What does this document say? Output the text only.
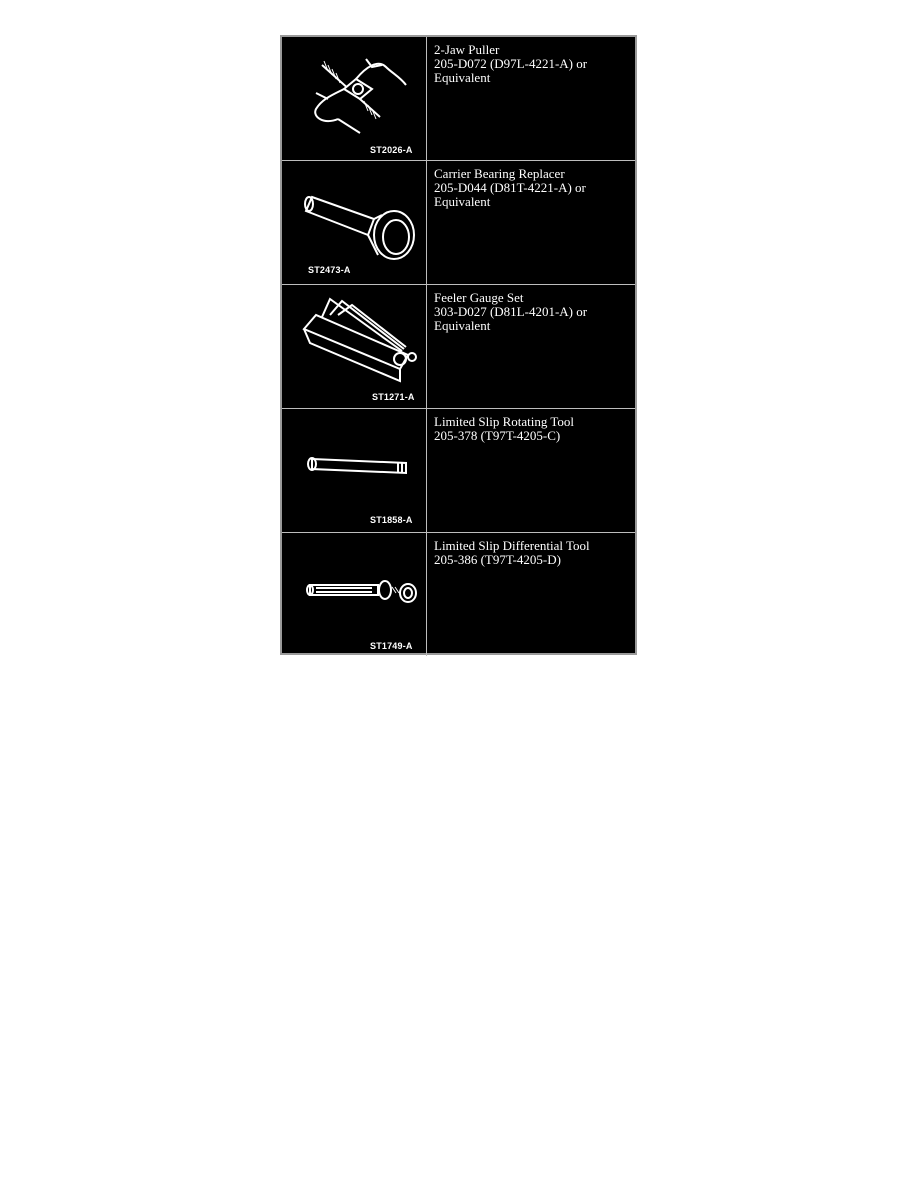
ST2026-A
2-Jaw Puller
205-D072 (D97L-4221-A) or
Equivalent
ST2473-A
Carrier Bearing Replacer
205-D044 (D81T-4221-A) or
Equivalent
ST1271-A
Feeler Gauge Set
303-D027 (D81L-4201-A) or
Equivalent
ST1858-A
Limited Slip Rotating Tool
205-378 (T97T-4205-C)
ST1749-A
Limited Slip Differential Tool
205-386 (T97T-4205-D)
